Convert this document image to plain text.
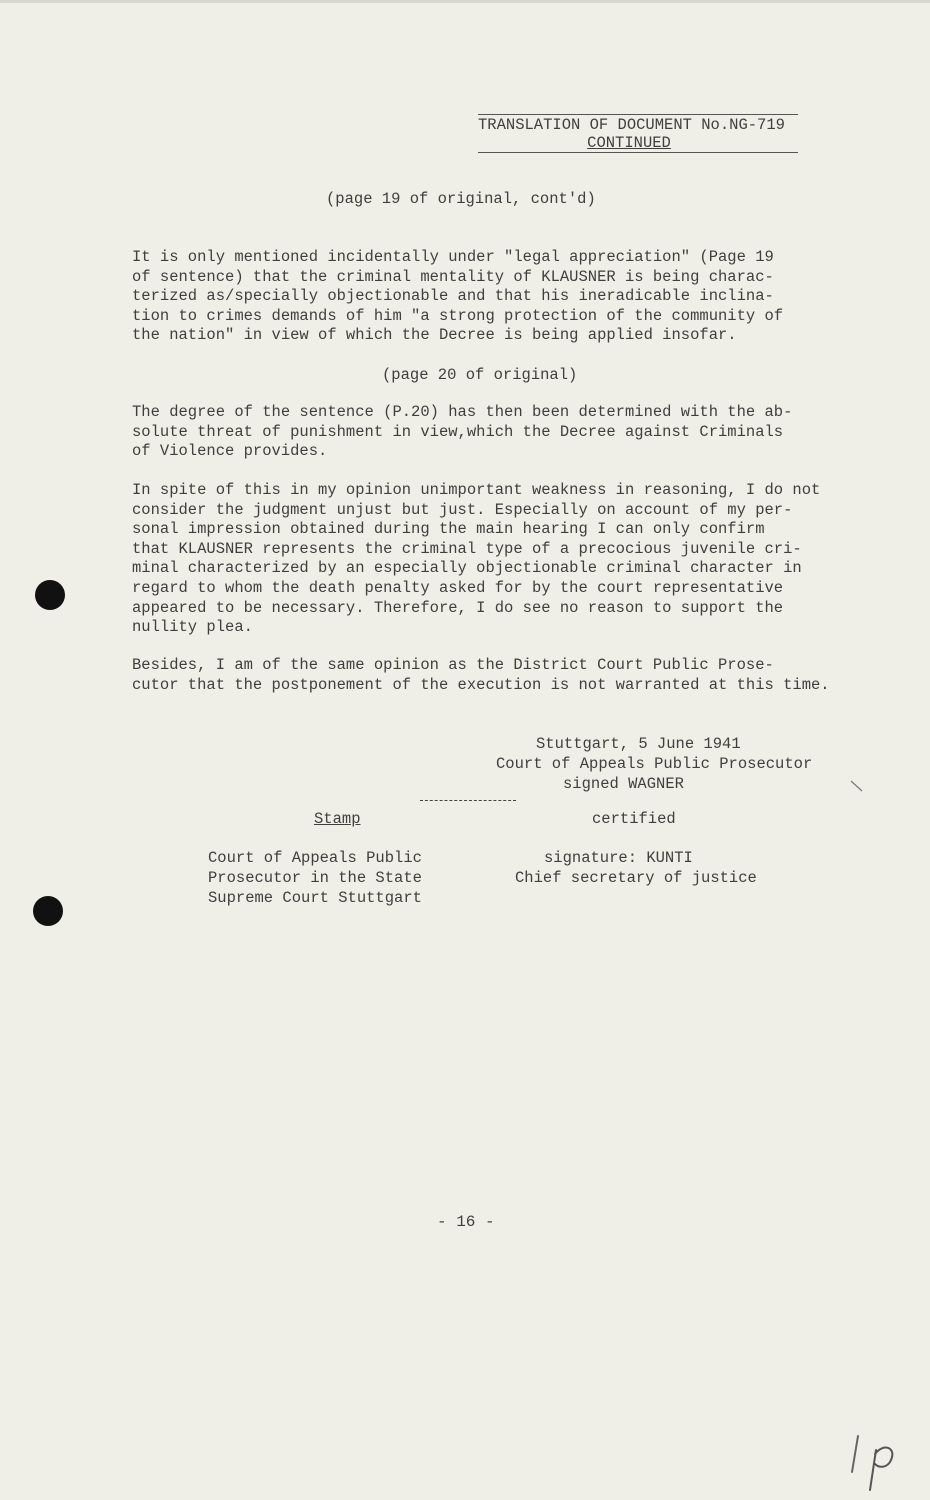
TRANSLATION OF DOCUMENT No.NG-719
CONTINUED
(page 19 of original, cont'd)
It is only mentioned incidentally under "legal appreciation" (Page 19
of sentence) that the criminal mentality of KLAUSNER is being charac-
terized as/specially objectionable and that his ineradicable inclina-
tion to crimes demands of him "a strong protection of the community of
the nation" in view of which the Decree is being applied insofar.
(page 20 of original)
The degree of the sentence (P.20) has then been determined with the ab-
solute threat of punishment in view,which the Decree against Criminals
of Violence provides.
In spite of this in my opinion unimportant weakness in reasoning, I do not
consider the judgment unjust but just. Especially on account of my per-
sonal impression obtained during the main hearing I can only confirm
that KLAUSNER represents the criminal type of a precocious juvenile cri-
minal characterized by an especially objectionable criminal character in
regard to whom the death penalty asked for by the court representative
appeared to be necessary. Therefore, I do see no reason to support the
nullity plea.
Besides, I am of the same opinion as the District Court Public Prose-
cutor that the postponement of the execution is not warranted at this time.
Stuttgart, 5 June 1941
Court of Appeals Public Prosecutor
signed WAGNER
Stamp	certified
Court of Appeals Public
Prosecutor in the State
Supreme Court Stuttgart
signature: KUNTI
Chief secretary of justice
- 16 -
